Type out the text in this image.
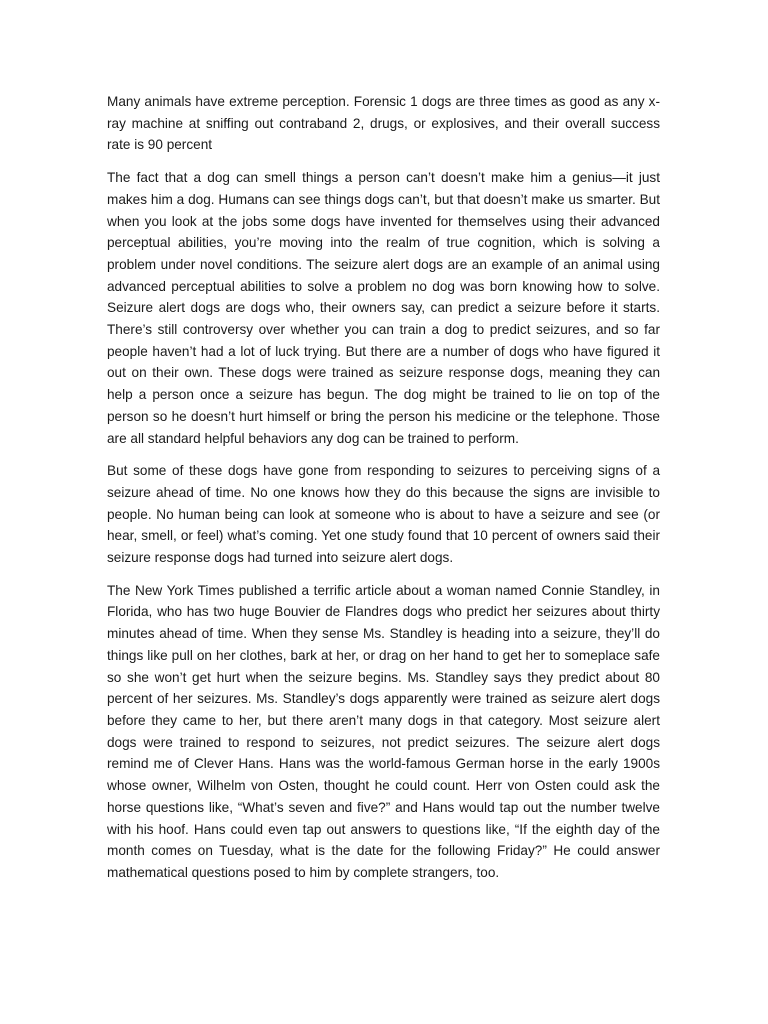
Many animals have extreme perception. Forensic 1 dogs are three times as good as any x-ray machine at sniffing out contraband 2, drugs, or explosives, and their overall success rate is 90 percent

The fact that a dog can smell things a person can’t doesn’t make him a genius—it just makes him a dog. Humans can see things dogs can’t, but that doesn’t make us smarter. But when you look at the jobs some dogs have invented for themselves using their advanced perceptual abilities, you’re moving into the realm of true cognition, which is solving a problem under novel conditions. The seizure alert dogs are an example of an animal using advanced perceptual abilities to solve a problem no dog was born knowing how to solve. Seizure alert dogs are dogs who, their owners say, can predict a seizure before it starts. There’s still controversy over whether you can train a dog to predict seizures, and so far people haven’t had a lot of luck trying. But there are a number of dogs who have figured it out on their own. These dogs were trained as seizure response dogs, meaning they can help a person once a seizure has begun. The dog might be trained to lie on top of the person so he doesn’t hurt himself or bring the person his medicine or the telephone. Those are all standard helpful behaviors any dog can be trained to perform.

But some of these dogs have gone from responding to seizures to perceiving signs of a seizure ahead of time. No one knows how they do this because the signs are invisible to people. No human being can look at someone who is about to have a seizure and see (or hear, smell, or feel) what’s coming. Yet one study found that 10 percent of owners said their seizure response dogs had turned into seizure alert dogs.

The New York Times published a terrific article about a woman named Connie Standley, in Florida, who has two huge Bouvier de Flandres dogs who predict her seizures about thirty minutes ahead of time. When they sense Ms. Standley is heading into a seizure, they’ll do things like pull on her clothes, bark at her, or drag on her hand to get her to someplace safe so she won’t get hurt when the seizure begins. Ms. Standley says they predict about 80 percent of her seizures. Ms. Standley’s dogs apparently were trained as seizure alert dogs before they came to her, but there aren’t many dogs in that category. Most seizure alert dogs were trained to respond to seizures, not predict seizures. The seizure alert dogs remind me of Clever Hans. Hans was the world-famous German horse in the early 1900s whose owner, Wilhelm von Osten, thought he could count. Herr von Osten could ask the horse questions like, “What’s seven and five?” and Hans would tap out the number twelve with his hoof. Hans could even tap out answers to questions like, “If the eighth day of the month comes on Tuesday, what is the date for the following Friday?” He could answer mathematical questions posed to him by complete strangers, too.
